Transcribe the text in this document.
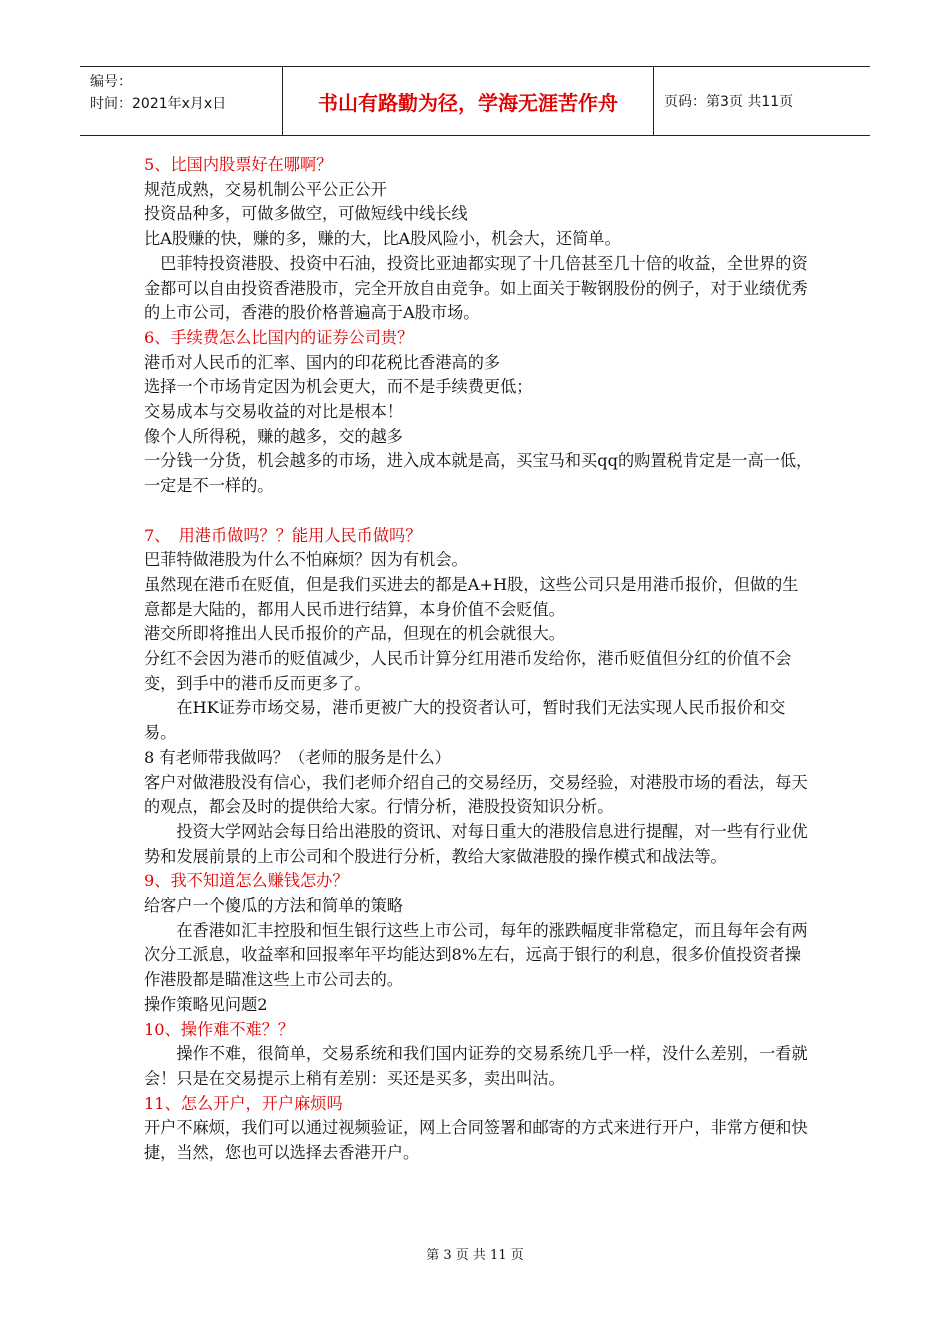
编号：
时间：2021年x月x日	书山有路勤为径，学海无涯苦作舟	页码：第3页 共11页

5、比国内股票好在哪啊？

规范成熟，交易机制公平公正公开

投资品种多，可做多做空，可做短线中线长线

比A股赚的快，赚的多，赚的大，比A股风险小，机会大，还简单。

　巴菲特投资港股、投资中石油，投资比亚迪都实现了十几倍甚至几十倍的收益，全世界的资金都可以自由投资香港股市，完全开放自由竞争。如上面关于鞍钢股份的例子，对于业绩优秀的上市公司，香港的股价格普遍高于A股市场。

6、手续费怎么比国内的证券公司贵？

港币对人民币的汇率、国内的印花税比香港高的多

选择一个市场肯定因为机会更大，而不是手续费更低；

交易成本与交易收益的对比是根本！

像个人所得税，赚的越多，交的越多

一分钱一分货，机会越多的市场，进入成本就是高，买宝马和买qq的购置税肯定是一高一低，一定是不一样的。

7、　用港币做吗？？能用人民币做吗？

巴菲特做港股为什么不怕麻烦？因为有机会。

虽然现在港币在贬值，但是我们买进去的都是A+H股，这些公司只是用港币报价，但做的生意都是大陆的，都用人民币进行结算，本身价值不会贬值。

港交所即将推出人民币报价的产品，但现在的机会就很大。

分红不会因为港币的贬值减少，人民币计算分红用港币发给你，港币贬值但分红的价值不会变，到手中的港币反而更多了。

　　在HK证券市场交易，港币更被广大的投资者认可，暂时我们无法实现人民币报价和交易。

8 有老师带我做吗？（老师的服务是什么）

客户对做港股没有信心，我们老师介绍自己的交易经历，交易经验，对港股市场的看法，每天的观点，都会及时的提供给大家。行情分析，港股投资知识分析。

　　投资大学网站会每日给出港股的资讯、对每日重大的港股信息进行提醒，对一些有行业优势和发展前景的上市公司和个股进行分析，教给大家做港股的操作模式和战法等。

9、我不知道怎么赚钱怎办？

给客户一个傻瓜的方法和简单的策略

　　在香港如汇丰控股和恒生银行这些上市公司，每年的涨跌幅度非常稳定，而且每年会有两次分工派息，收益率和回报率年平均能达到8%左右，远高于银行的利息，很多价值投资者操作港股都是瞄准这些上市公司去的。

操作策略见问题2

10、操作难不难？？

　　操作不难，很简单，交易系统和我们国内证券的交易系统几乎一样，没什么差别，一看就会！只是在交易提示上稍有差别：买还是买多，卖出叫沽。

11、怎么开户，开户麻烦吗

开户不麻烦，我们可以通过视频验证，网上合同签署和邮寄的方式来进行开户，非常方便和快捷，当然，您也可以选择去香港开户。

第 3 页 共 11 页
